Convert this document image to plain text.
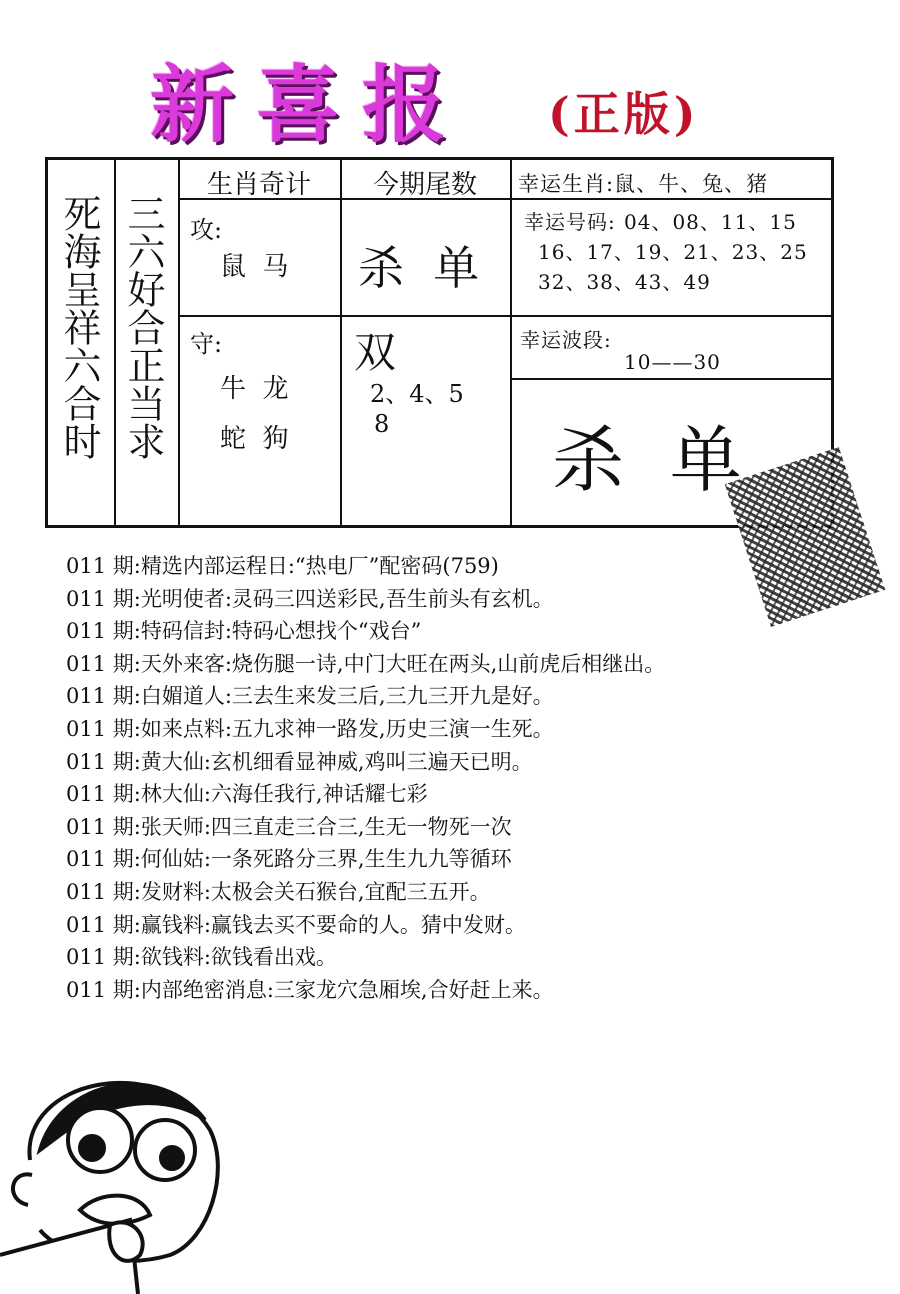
新喜报 (正版)
死海呈祥六合时 三六好合正当求
生肖奇计	今期尾数	幸运生肖:鼠、牛、兔、猪
攻:
鼠  马 杀  单
幸运号码: 04、08、11、15
16、17、19、21、23、25
32、38、43、49
守:
牛  龙
蛇  狗
双
2、4、5
8
幸运波段:
10——30
杀  单
011 期:精选内部运程日:“热电厂”配密码(759)
011 期:光明使者:灵码三四送彩民,吾生前头有玄机。
011 期:特码信封:特码心想找个“戏台”
011 期:天外来客:烧伤腿一诗,中门大旺在两头,山前虎后相继出。
011 期:白媚道人:三去生来发三后,三九三开九是好。
011 期:如来点料:五九求神一路发,历史三演一生死。
011 期:黄大仙:玄机细看显神威,鸡叫三遍天已明。
011 期:林大仙:六海任我行,神话耀七彩
011 期:张天师:四三直走三合三,生无一物死一次
011 期:何仙姑:一条死路分三界,生生九九等循环
011 期:发财料:太极会关石猴台,宜配三五开。
011 期:赢钱料:赢钱去买不要命的人。猜中发财。
011 期:欲钱料:欲钱看出戏。
011 期:内部绝密消息:三家龙穴急厢埃,合好赶上来。
